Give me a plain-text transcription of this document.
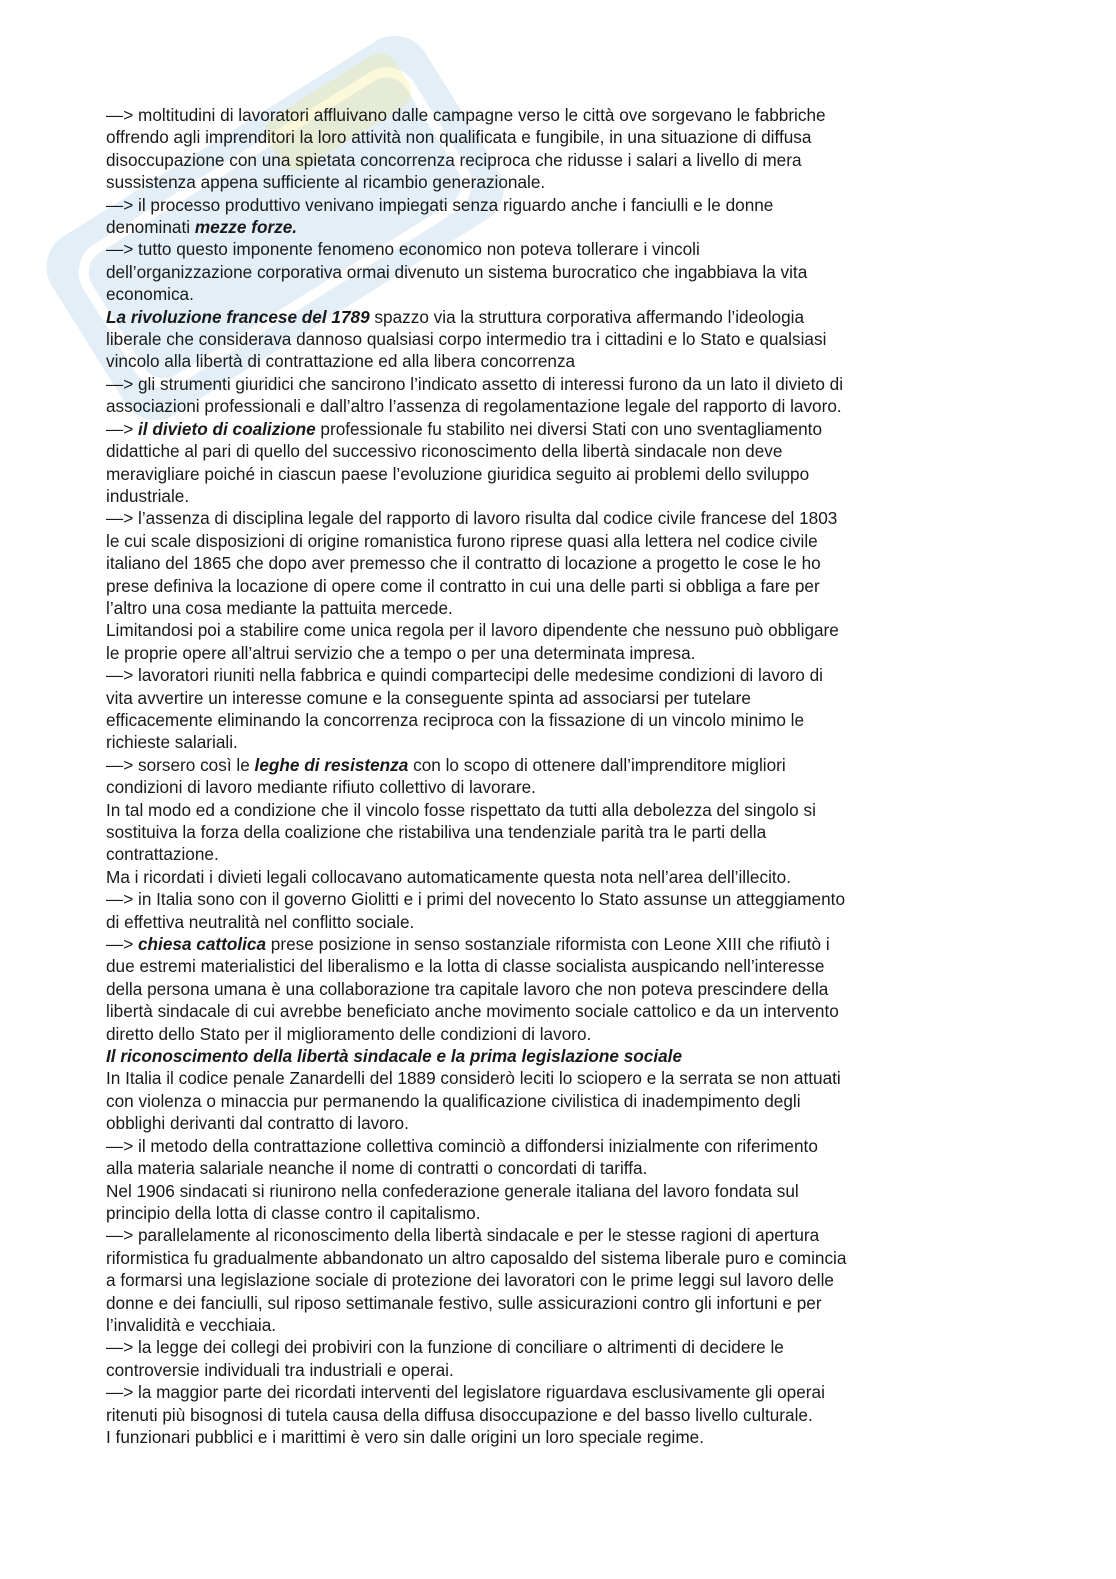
—> moltitudini di lavoratori affluivano dalle campagne verso le città ove sorgevano le fabbriche
offrendo agli imprenditori la loro attività non qualificata e fungibile, in una situazione di diffusa
disoccupazione con una spietata concorrenza reciproca che ridusse i salari a livello di mera
sussistenza appena sufficiente al ricambio generazionale.
—> il processo produttivo venivano impiegati senza riguardo anche i fanciulli e le donne
denominati mezze forze.
—> tutto questo imponente fenomeno economico non poteva tollerare i vincoli
dell’organizzazione corporativa ormai divenuto un sistema burocratico che ingabbiava la vita
economica.
La rivoluzione francese del 1789 spazzo via la struttura corporativa affermando l’ideologia
liberale che considerava dannoso qualsiasi corpo intermedio tra i cittadini e lo Stato e qualsiasi
vincolo alla libertà di contrattazione ed alla libera concorrenza
—> gli strumenti giuridici che sancirono l’indicato assetto di interessi furono da un lato il divieto di
associazioni professionali e dall’altro l’assenza di regolamentazione legale del rapporto di lavoro.
—> il divieto di coalizione professionale fu stabilito nei diversi Stati con uno sventagliamento
didattiche al pari di quello del successivo riconoscimento della libertà sindacale non deve
meravigliare poiché in ciascun paese l’evoluzione giuridica seguito ai problemi dello sviluppo
industriale.
—> l’assenza di disciplina legale del rapporto di lavoro risulta dal codice civile francese del 1803
le cui scale disposizioni di origine romanistica furono riprese quasi alla lettera nel codice civile
italiano del 1865 che dopo aver premesso che il contratto di locazione a progetto le cose le ho
prese definiva la locazione di opere come il contratto in cui una delle parti si obbliga a fare per
l’altro una cosa mediante la pattuita mercede.
Limitandosi poi a stabilire come unica regola per il lavoro dipendente che nessuno può obbligare
le proprie opere all’altrui servizio che a tempo o per una determinata impresa.
—> lavoratori riuniti nella fabbrica e quindi compartecipi delle medesime condizioni di lavoro di
vita avvertire un interesse comune e la conseguente spinta ad associarsi per tutelare
efficacemente eliminando la concorrenza reciproca con la fissazione di un vincolo minimo le
richieste salariali.
—> sorsero così le leghe di resistenza con lo scopo di ottenere dall’imprenditore migliori
condizioni di lavoro mediante rifiuto collettivo di lavorare.
In tal modo ed a condizione che il vincolo fosse rispettato da tutti alla debolezza del singolo si
sostituiva la forza della coalizione che ristabiliva una tendenziale parità tra le parti della
contrattazione.
Ma i ricordati i divieti legali collocavano automaticamente questa nota nell’area dell’illecito.
—> in Italia sono con il governo Giolitti e i primi del novecento lo Stato assunse un atteggiamento
di effettiva neutralità nel conflitto sociale.
—> chiesa cattolica prese posizione in senso sostanziale riformista con Leone XIII che rifiutò i
due estremi materialistici del liberalismo e la lotta di classe socialista auspicando nell’interesse
della persona umana è una collaborazione tra capitale lavoro che non poteva prescindere della
libertà sindacale di cui avrebbe beneficiato anche movimento sociale cattolico e da un intervento
diretto dello Stato per il miglioramento delle condizioni di lavoro.
Il riconoscimento della libertà sindacale e la prima legislazione sociale
In Italia il codice penale Zanardelli del 1889 considerò leciti lo sciopero e la serrata se non attuati
con violenza o minaccia pur permanendo la qualificazione civilistica di inadempimento degli
obblighi derivanti dal contratto di lavoro.
—> il metodo della contrattazione collettiva cominciò a diffondersi inizialmente con riferimento
alla materia salariale neanche il nome di contratti o concordati di tariffa.
Nel 1906 sindacati si riunirono nella confederazione generale italiana del lavoro fondata sul
principio della lotta di classe contro il capitalismo.
—> parallelamente al riconoscimento della libertà sindacale e per le stesse ragioni di apertura
riformistica fu gradualmente abbandonato un altro caposaldo del sistema liberale puro e comincia
a formarsi una legislazione sociale di protezione dei lavoratori con le prime leggi sul lavoro delle
donne e dei fanciulli, sul riposo settimanale festivo, sulle assicurazioni contro gli infortuni e per
l’invalidità e vecchiaia.
—> la legge dei collegi dei probiviri con la funzione di conciliare o altrimenti di decidere le
controversie individuali tra industriali e operai.
—> la maggior parte dei ricordati interventi del legislatore riguardava esclusivamente gli operai
ritenuti più bisognosi di tutela causa della diffusa disoccupazione e del basso livello culturale.
I funzionari pubblici e i marittimi è vero sin dalle origini un loro speciale regime.
